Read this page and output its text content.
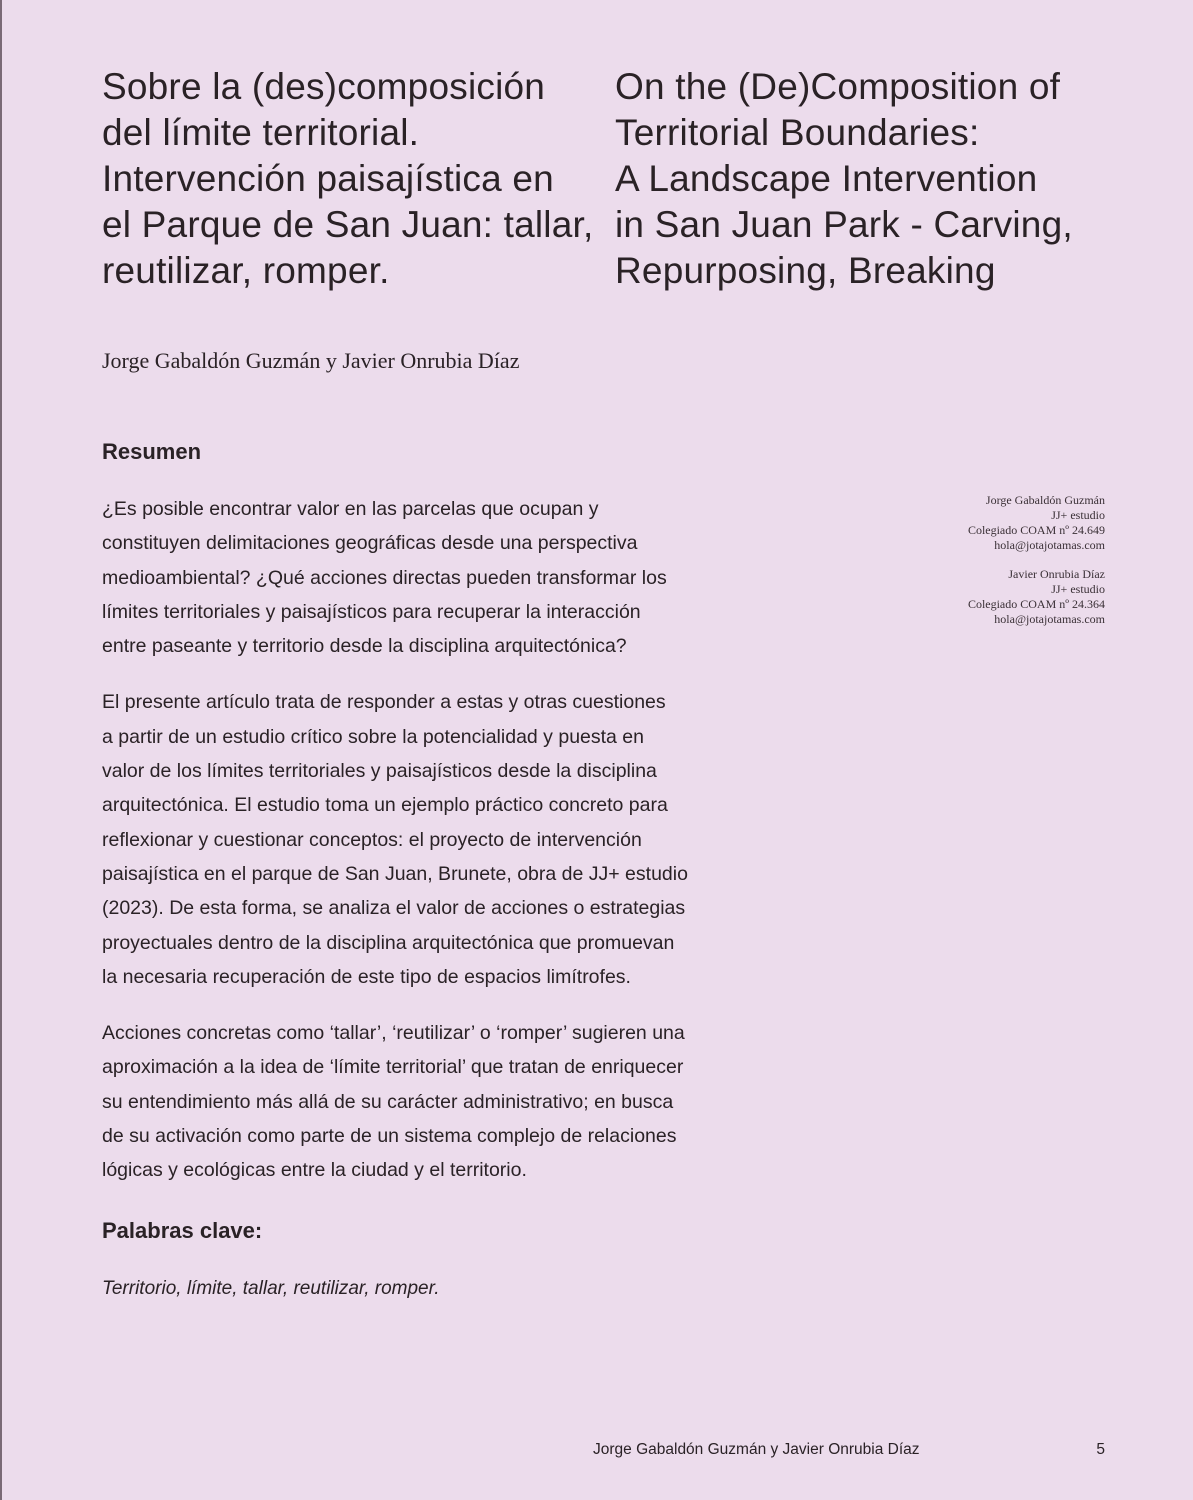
Sobre la (des)composición
del límite territorial.
Intervención paisajística en
el Parque de San Juan: tallar,
reutilizar, romper.
On the (De)Composition of
Territorial Boundaries:
A Landscape Intervention
in San Juan Park - Carving,
Repurposing, Breaking

Jorge Gabaldón Guzmán y Javier Onrubia Díaz

Resumen

¿Es posible encontrar valor en las parcelas que ocupan y
constituyen delimitaciones geográficas desde una perspectiva
medioambiental? ¿Qué acciones directas pueden transformar los
límites territoriales y paisajísticos para recuperar la interacción
entre paseante y territorio desde la disciplina arquitectónica?

El presente artículo trata de responder a estas y otras cuestiones
a partir de un estudio crítico sobre la potencialidad y puesta en
valor de los límites territoriales y paisajísticos desde la disciplina
arquitectónica. El estudio toma un ejemplo práctico concreto para
reflexionar y cuestionar conceptos: el proyecto de intervención
paisajística en el parque de San Juan, Brunete, obra de JJ+ estudio
(2023). De esta forma, se analiza el valor de acciones o estrategias
proyectuales dentro de la disciplina arquitectónica que promuevan
la necesaria recuperación de este tipo de espacios limítrofes.

Acciones concretas como ‘tallar’, ‘reutilizar’ o ‘romper’ sugieren una
aproximación a la idea de ‘límite territorial’ que tratan de enriquecer
su entendimiento más allá de su carácter administrativo; en busca
de su activación como parte de un sistema complejo de relaciones
lógicas y ecológicas entre la ciudad y el territorio.

Palabras clave:

Territorio, límite, tallar, reutilizar, romper.

Jorge Gabaldón Guzmán
JJ+ estudio
Colegiado COAM nº 24.649
hola@jotajotamas.com
Javier Onrubia Díaz
JJ+ estudio
Colegiado COAM nº 24.364
hola@jotajotamas.com

Jorge Gabaldón Guzmán y Javier Onrubia Díaz	5
